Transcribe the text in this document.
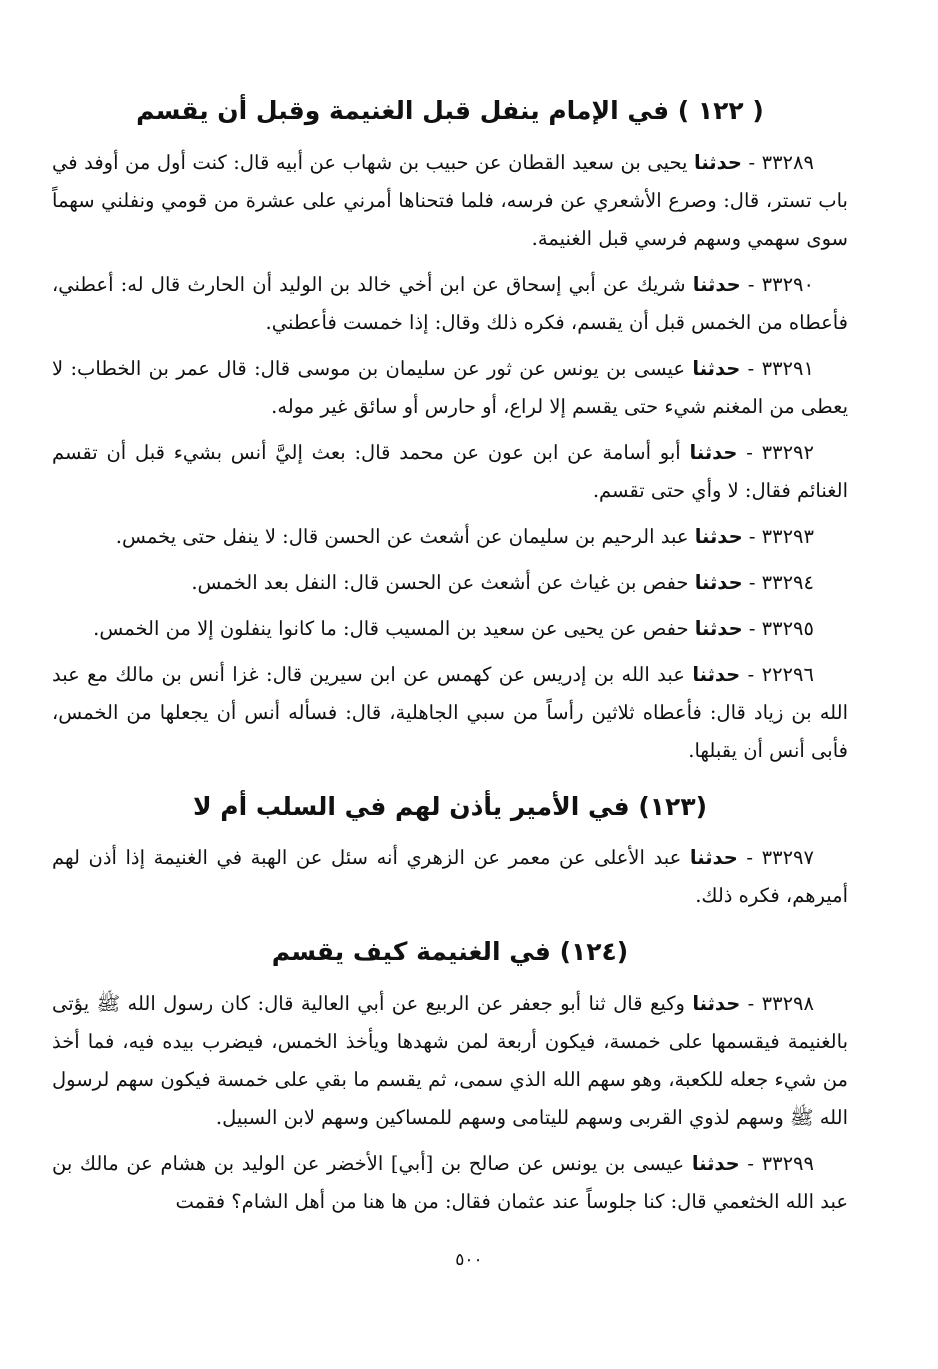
( ١٢٢ ) في الإمام ينفل قبل الغنيمة وقبل أن يقسم

٣٣٢٨٩ - حدثنا يحيى بن سعيد القطان عن حبيب بن شهاب عن أبيه قال: كنت أول من أوفد في باب تستر، قال: وصرع الأشعري عن فرسه، فلما فتحناها أمرني على عشرة من قومي ونفلني سهماً سوى سهمي وسهم فرسي قبل الغنيمة.

٣٣٢٩٠ - حدثنا شريك عن أبي إسحاق عن ابن أخي خالد بن الوليد أن الحارث قال له: أعطني، فأعطاه من الخمس قبل أن يقسم، فكره ذلك وقال: إذا خمست فأعطني.

٣٣٢٩١ - حدثنا عيسى بن يونس عن ثور عن سليمان بن موسى قال: قال عمر بن الخطاب: لا يعطى من المغنم شيء حتى يقسم إلا لراع، أو حارس أو سائق غير موله.

٣٣٢٩٢ - حدثنا أبو أسامة عن ابن عون عن محمد قال: بعث إليَّ أنس بشيء قبل أن تقسم الغنائم فقال: لا وأي حتى تقسم.

٣٣٢٩٣ - حدثنا عبد الرحيم بن سليمان عن أشعث عن الحسن قال: لا ينفل حتى يخمس.

٣٣٢٩٤ - حدثنا حفص بن غياث عن أشعث عن الحسن قال: النفل بعد الخمس.

٣٣٢٩٥ - حدثنا حفص عن يحيى عن سعيد بن المسيب قال: ما كانوا ينفلون إلا من الخمس.

٢٢٢٩٦ - حدثنا عبد الله بن إدريس عن كهمس عن ابن سيرين قال: غزا أنس بن مالك مع عبد الله بن زياد قال: فأعطاه ثلاثين رأساً من سبي الجاهلية، قال: فسأله أنس أن يجعلها من الخمس، فأبى أنس أن يقبلها.

(١٢٣) في الأمير يأذن لهم في السلب أم لا

٣٣٢٩٧ - حدثنا عبد الأعلى عن معمر عن الزهري أنه سئل عن الهبة في الغنيمة إذا أذن لهم أميرهم، فكره ذلك.

(١٢٤) في الغنيمة كيف يقسم

٣٣٢٩٨ - حدثنا وكيع قال ثنا أبو جعفر عن الربيع عن أبي العالية قال: كان رسول الله ﷺ يؤتى بالغنيمة فيقسمها على خمسة، فيكون أربعة لمن شهدها ويأخذ الخمس، فيضرب بيده فيه، فما أخذ من شيء جعله للكعبة، وهو سهم الله الذي سمى، ثم يقسم ما بقي على خمسة فيكون سهم لرسول الله ﷺ وسهم لذوي القربى وسهم لليتامى وسهم للمساكين وسهم لابن السبيل.

٣٣٢٩٩ - حدثنا عيسى بن يونس عن صالح بن [أبي] الأخضر عن الوليد بن هشام عن مالك بن عبد الله الخثعمي قال: كنا جلوساً عند عثمان فقال: من ها هنا من أهل الشام؟ فقمت

٥٠٠
